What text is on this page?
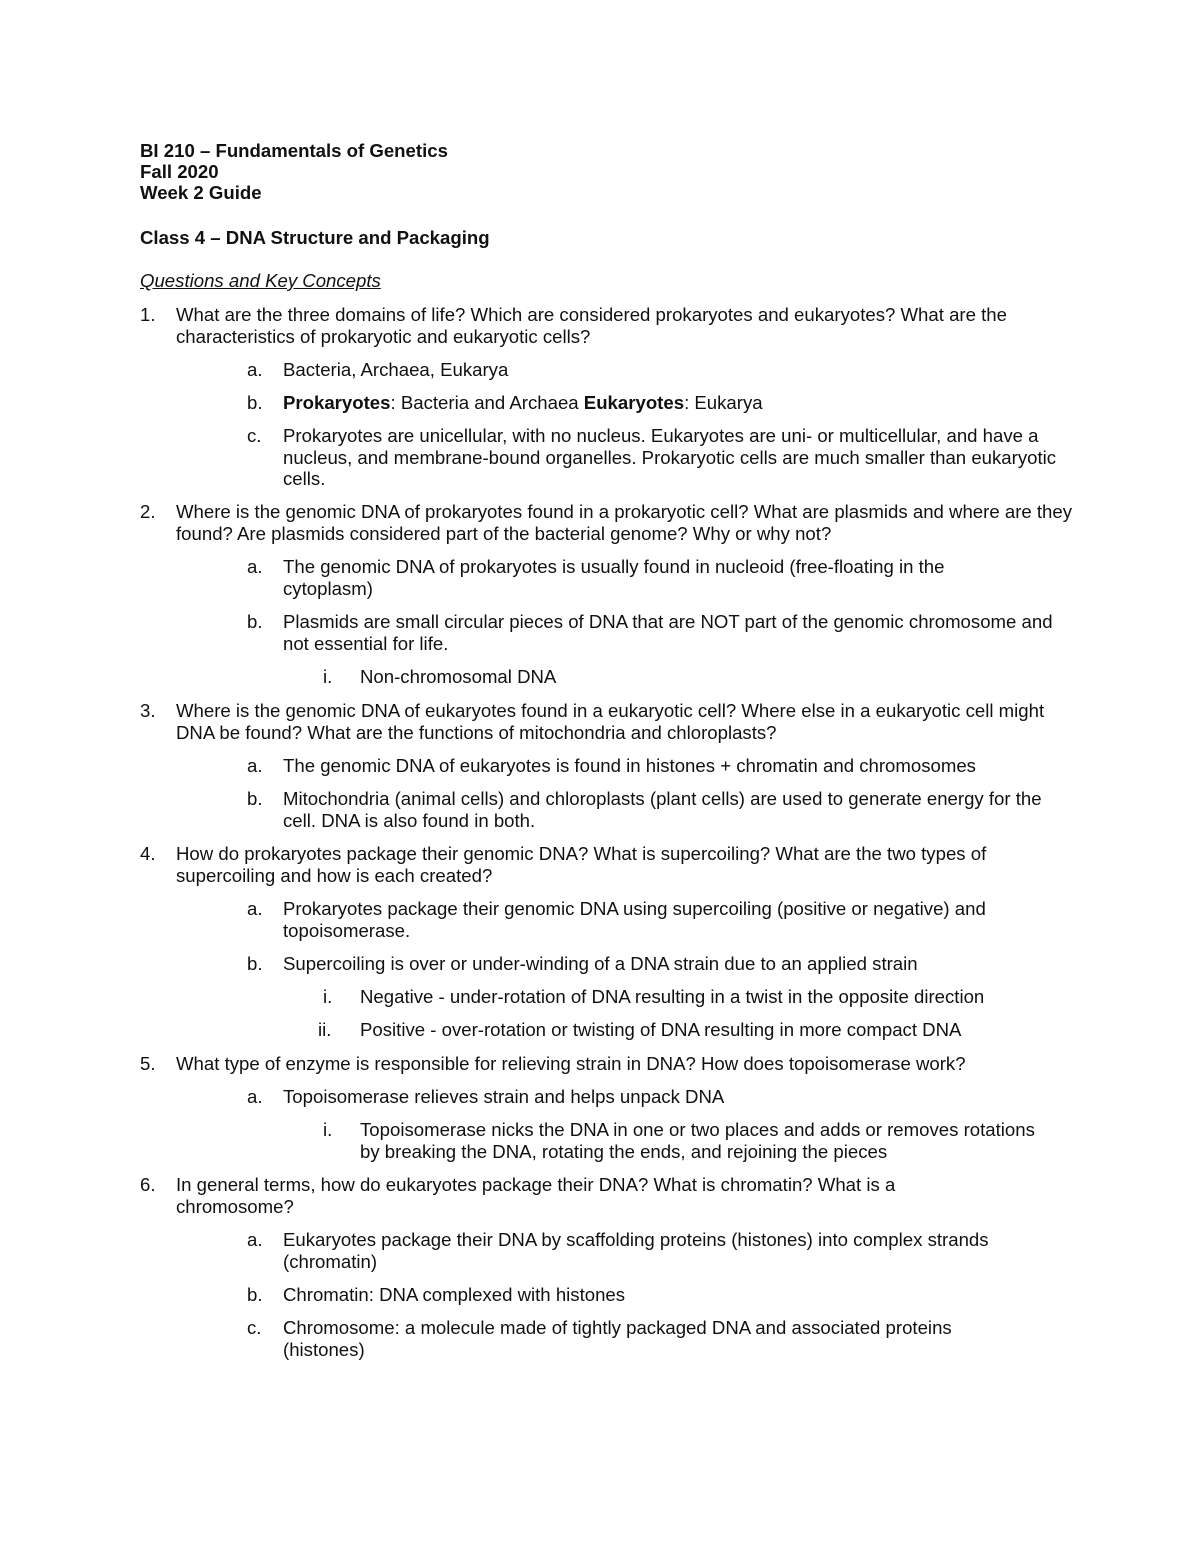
BI 210 – Fundamentals of Genetics

Fall 2020

Week 2 Guide

Class 4 – DNA Structure and Packaging

Questions and Key Concepts

1. What are the three domains of life? Which are considered prokaryotes and eukaryotes? What are the characteristics of prokaryotic and eukaryotic cells?

a. Bacteria, Archaea, Eukarya

b. Prokaryotes: Bacteria and Archaea Eukaryotes: Eukarya

c. Prokaryotes are unicellular, with no nucleus. Eukaryotes are uni- or multicellular, and have a nucleus, and membrane-bound organelles. Prokaryotic cells are much smaller than eukaryotic cells.

2. Where is the genomic DNA of prokaryotes found in a prokaryotic cell? What are plasmids and where are they found? Are plasmids considered part of the bacterial genome? Why or why not?

a. The genomic DNA of prokaryotes is usually found in nucleoid (free-floating in the cytoplasm)

b. Plasmids are small circular pieces of DNA that are NOT part of the genomic chromosome and not essential for life.

i. Non-chromosomal DNA

3. Where is the genomic DNA of eukaryotes found in a eukaryotic cell? Where else in a eukaryotic cell might DNA be found? What are the functions of mitochondria and chloroplasts?

a. The genomic DNA of eukaryotes is found in histones + chromatin and chromosomes

b. Mitochondria (animal cells) and chloroplasts (plant cells) are used to generate energy for the cell. DNA is also found in both.

4. How do prokaryotes package their genomic DNA? What is supercoiling? What are the two types of supercoiling and how is each created?

a. Prokaryotes package their genomic DNA using supercoiling (positive or negative) and topoisomerase.

b. Supercoiling is over or under-winding of a DNA strain due to an applied strain

i. Negative - under-rotation of DNA resulting in a twist in the opposite direction

ii. Positive - over-rotation or twisting of DNA resulting in more compact DNA

5. What type of enzyme is responsible for relieving strain in DNA? How does topoisomerase work?

a. Topoisomerase relieves strain and helps unpack DNA

i. Topoisomerase nicks the DNA in one or two places and adds or removes rotations by breaking the DNA, rotating the ends, and rejoining the pieces

6. In general terms, how do eukaryotes package their DNA? What is chromatin? What is a chromosome?

a. Eukaryotes package their DNA by scaffolding proteins (histones) into complex strands (chromatin)

b. Chromatin: DNA complexed with histones

c. Chromosome: a molecule made of tightly packaged DNA and associated proteins (histones)
